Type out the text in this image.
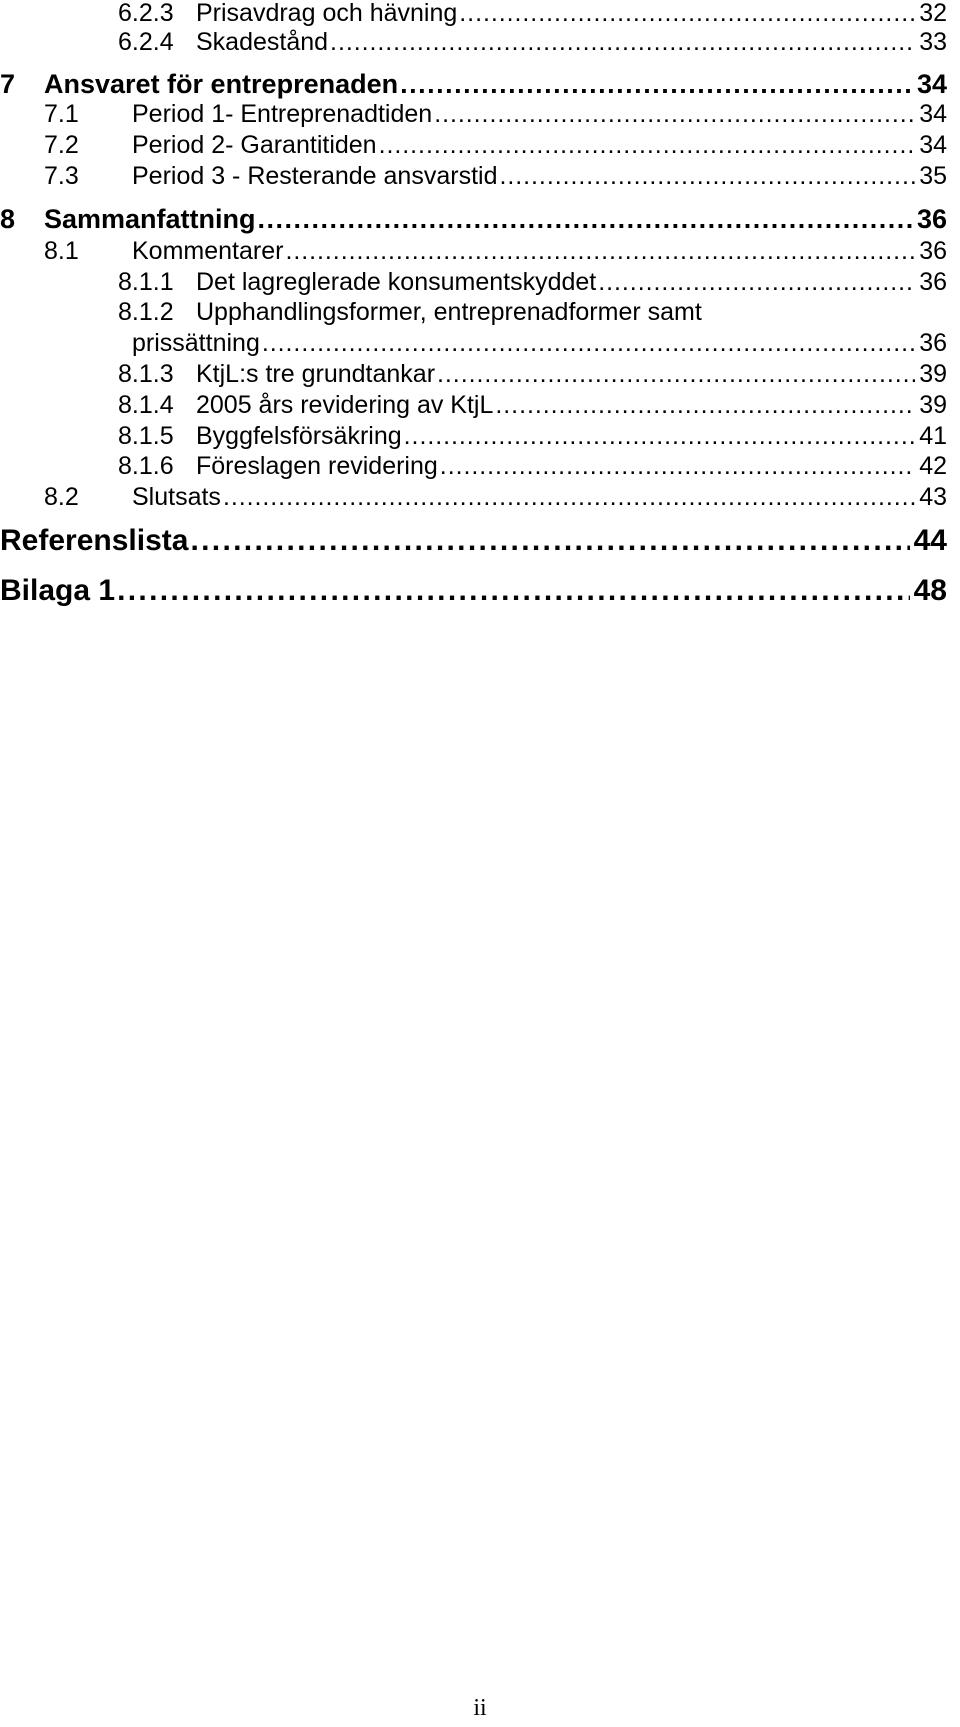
6.2.3 Prisavdrag och hävning . . .	32
6.2.4 Skadestånd . . .	33
7	Ansvaret för entreprenaden . . .	34
7.1	Period 1- Entreprenadtiden . . .	34
7.2	Period 2- Garantitiden . . .	34
7.3	Period 3 - Resterande ansvarstid . . .	35
8	Sammanfattning . . .	36
8.1	Kommentarer . . .	36
8.1.1 Det lagreglerade konsumentskyddet . . .	36
8.1.2 Upphandlingsformer, entreprenadformer samt
prissättning . . .	36
8.1.3 KtjL:s tre grundtankar . . .	39
8.1.4 2005 års revidering av KtjL . . .	39
8.1.5 Byggfelsförsäkring . . .	41
8.1.6 Föreslagen revidering . . .	42
8.2	Slutsats . . .	43
Referenslista . . .	44
Bilaga 1 . . .	48
ii
